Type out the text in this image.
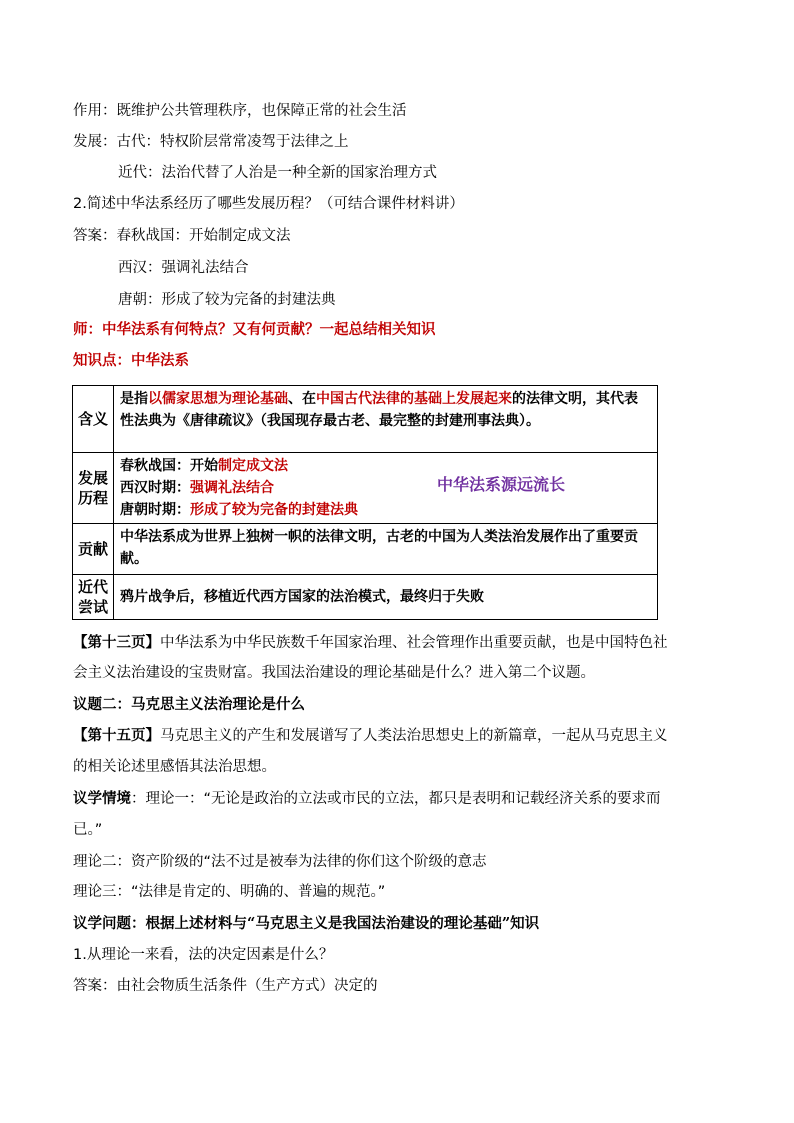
作用：既维护公共管理秩序，也保障正常的社会生活
发展：古代：特权阶层常常凌驾于法律之上
近代：法治代替了人治是一种全新的国家治理方式
2.简述中华法系经历了哪些发展历程？（可结合课件材料讲）
答案：春秋战国：开始制定成文法
西汉：强调礼法结合
唐朝：形成了较为完备的封建法典
师：中华法系有何特点？又有何贡献？一起总结相关知识
知识点：中华法系
含义	是指以儒家思想为理论基础、在中国古代法律的基础上发展起来的法律文明，其代表性法典为《唐律疏议》（我国现存最古老、最完整的封建刑事法典）。
发展历程	春秋战国：开始制定成文法
西汉时期：强调礼法结合
唐朝时期：形成了较为完备的封建法典

贡献	中华法系成为世界上独树一帜的法律文明，古老的中国为人类法治发展作出了重要贡献。
近代尝试	鸦片战争后，移植近代西方国家的法治模式，最终归于失败
中华法系源远流长
【第十三页】中华法系为中华民族数千年国家治理、社会管理作出重要贡献，也是中国特色社
会主义法治建设的宝贵财富。我国法治建设的理论基础是什么？进入第二个议题。
议题二：马克思主义法治理论是什么
【第十五页】马克思主义的产生和发展谱写了人类法治思想史上的新篇章，一起从马克思主义
的相关论述里感悟其法治思想。
议学情境：理论一：“无论是政治的立法或市民的立法，都只是表明和记载经济关系的要求而
已。”
理论二：资产阶级的“法不过是被奉为法律的你们这个阶级的意志
理论三：“法律是肯定的、明确的、普遍的规范。”
议学问题：根据上述材料与“马克思主义是我国法治建设的理论基础”知识
1.从理论一来看，法的决定因素是什么？
答案：由社会物质生活条件（生产方式）决定的
